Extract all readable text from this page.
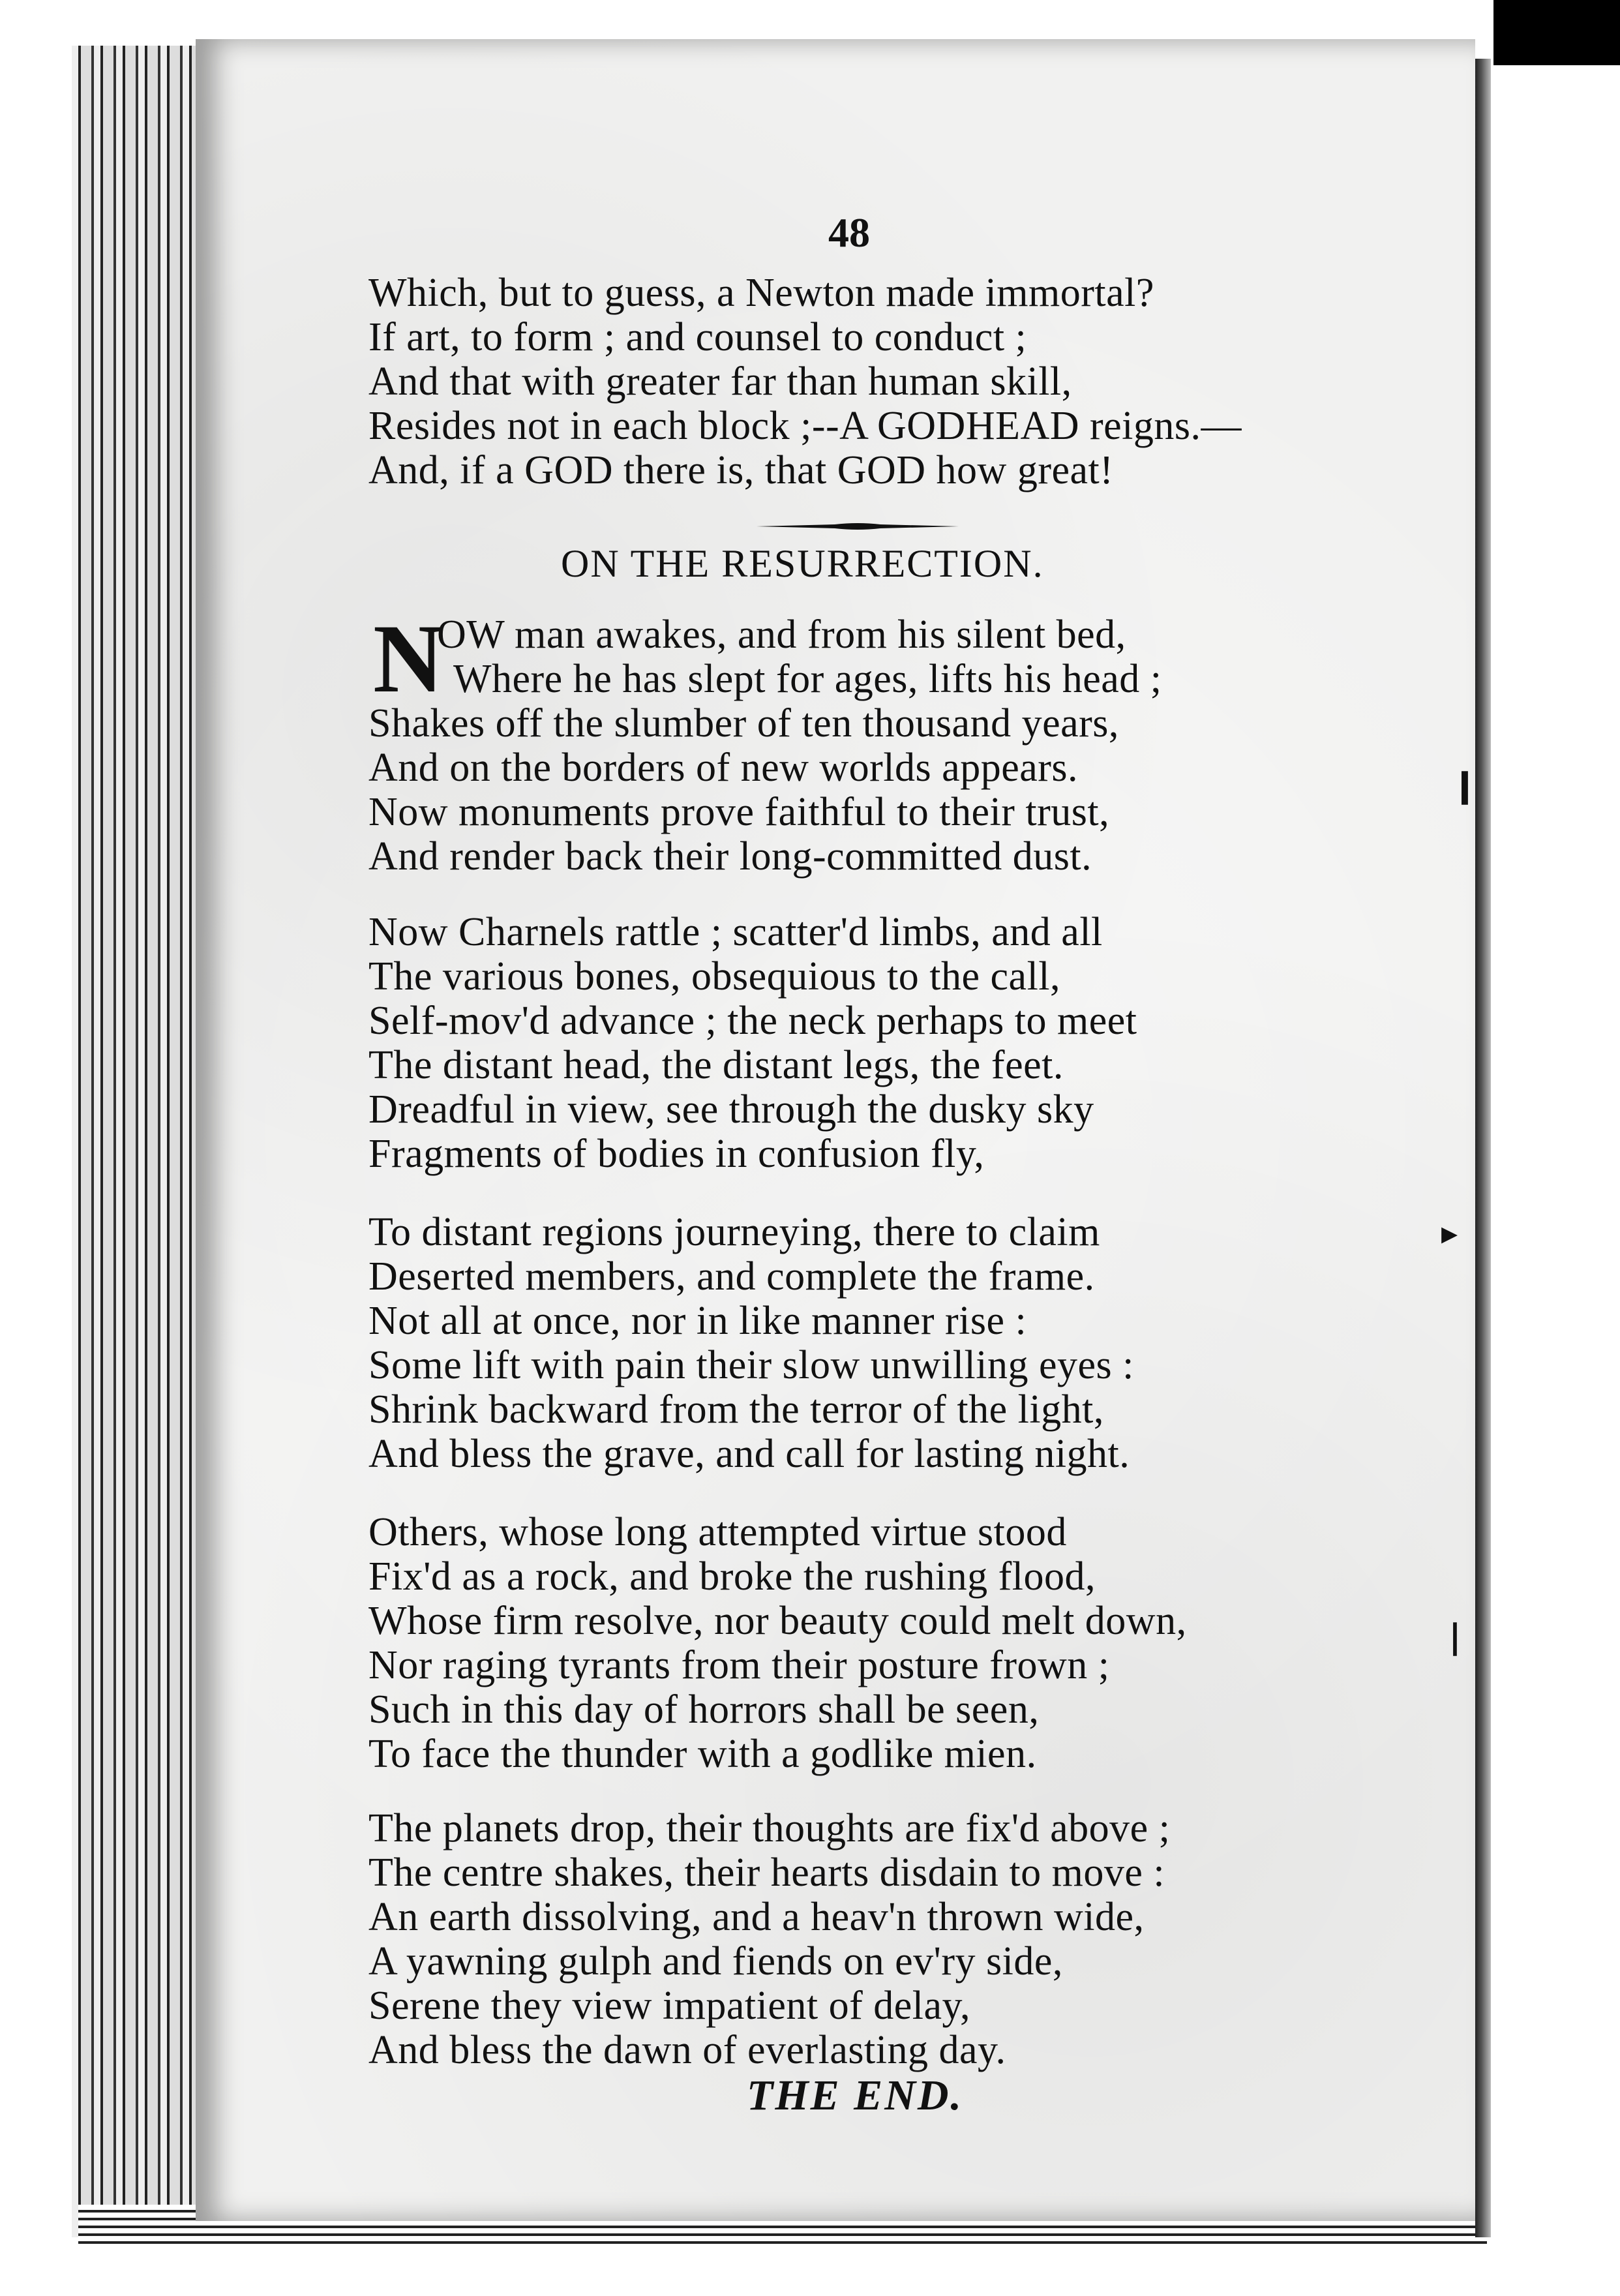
48
Which, but to guess, a Newton made immortal?
If art, to form ; and counsel to conduct ;
And that with greater far than human skill,
Resides not in each block ;--A GODHEAD reigns.—
And, if a GOD there is, that GOD how great!
ON THE RESURRECTION.
N
OW man awakes, and from his silent bed,
Where he has slept for ages, lifts his head ;
Shakes off the slumber of ten thousand years,
And on the borders of new worlds appears.
Now monuments prove faithful to their trust,
And render back their long-committed dust.
Now Charnels rattle ; scatter'd limbs, and all
The various bones, obsequious to the call,
Self-mov'd advance ; the neck perhaps to meet
The distant head, the distant legs, the feet.
Dreadful in view, see through the dusky sky
Fragments of bodies in confusion fly,
To distant regions journeying, there to claim
Deserted members, and complete the frame.
Not all at once, nor in like manner rise :
Some lift with pain their slow unwilling eyes :
Shrink backward from the terror of the light,
And bless the grave, and call for lasting night.
Others, whose long attempted virtue stood
Fix'd as a rock, and broke the rushing flood,
Whose firm resolve, nor beauty could melt down,
Nor raging tyrants from their posture frown ;
Such in this day of horrors shall be seen,
To face the thunder with a godlike mien.
The planets drop, their thoughts are fix'd above ;
The centre shakes, their hearts disdain to move :
An earth dissolving, and a heav'n thrown wide,
A yawning gulph and fiends on ev'ry side,
Serene they view impatient of delay,
And bless the dawn of everlasting day.
THE END.
❙
▸
❘
